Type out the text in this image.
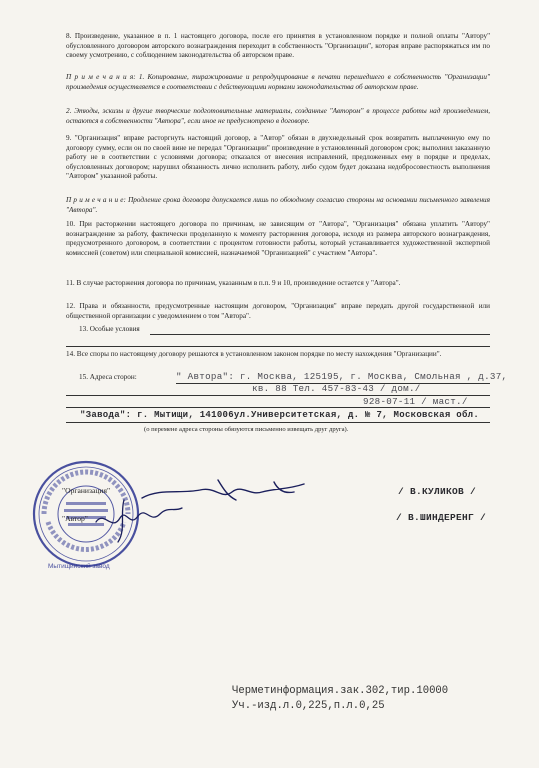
8. Произведение, указанное в п. 1 настоящего договора, после его принятия в установленном порядке и полной оплаты "Автору" обусловленного договором авторского вознаграждения переходит в собственность "Организации", которая вправе распоряжаться им по своему усмотрению, с соблюдением законодательства об авторском праве.
П р и м е ч а н и я: 1. Копирование, тиражирование и репродуцирование в печати перешедшего в собственность "Организации" произведения осуществляется в соответствии с действующими нормами законодательства об авторском праве.
2. Этюды, эскизы и другие творческие подготовительные материалы, созданные "Автором" в процессе работы над произведением, остаются в собственности "Автора", если иное не предусмотрено в договоре.
9. "Организация" вправе расторгнуть настоящий договор, а "Автор" обязан в двухнедельный срок возвратить выплаченную ему по договору сумму, если он по своей вине не передал "Организации" произведение в установленный договором срок; выполнил заказанную работу не в соответствии с условиями договора; отказался от внесения исправлений, предложенных ему в порядке и пределах, обусловленных договором; нарушил обязанность лично исполнить работу, либо судом будет доказана недобросовестность выполнения "Автором" указанной работы.
П р и м е ч а н и е: Продление срока договора допускается лишь по обоюдному согласию стороны на основании письменного заявления "Автора".
10. При расторжении настоящего договора по причинам, не зависящим от "Автора", "Организация" обязана уплатить "Автору" вознаграждение за работу, фактически проделанную к моменту расторжения договора, исходя из размера авторского вознаграждения, предусмотренного договором, в соответствии с процентом готовности работы, который устанавливается художественной экспертной комиссией (советом) или специальной комиссией, назначаемой "Организацией" с участием "Автора".
11. В случае расторжения договора по причинам, указанным в п.п. 9 и 10, произведение остается у "Автора".
12. Права и обязанности, предусмотренные настоящим договором, "Организация" вправе передать другой государственной или общественной организации с уведомлением о том "Автора".
13. Особые условия
14. Все споры по настоящему договору решаются в установленном законом порядке по месту нахождения "Организации".
15. Адреса сторон:	" Автора": г. Москва, 125195, г. Москва, Смольная , д.37,
кв. 88 Тел. 457-83-43 / дом./
928-07-11 / маст./
"Завода": г. Мытищи, 141006ул.Университетская, д. № 7, Московская обл.
(о перемене адреса стороны обязуются письменно извещать друг друга).
Мытищинский завод
"Организация"
"Автор"
/ В.КУЛИКОВ /
/ В.ШИНДЕРЕНГ /
Черметинформация.зак.302,тир.10000
Уч.-изд.л.0,225,п.л.0,25
